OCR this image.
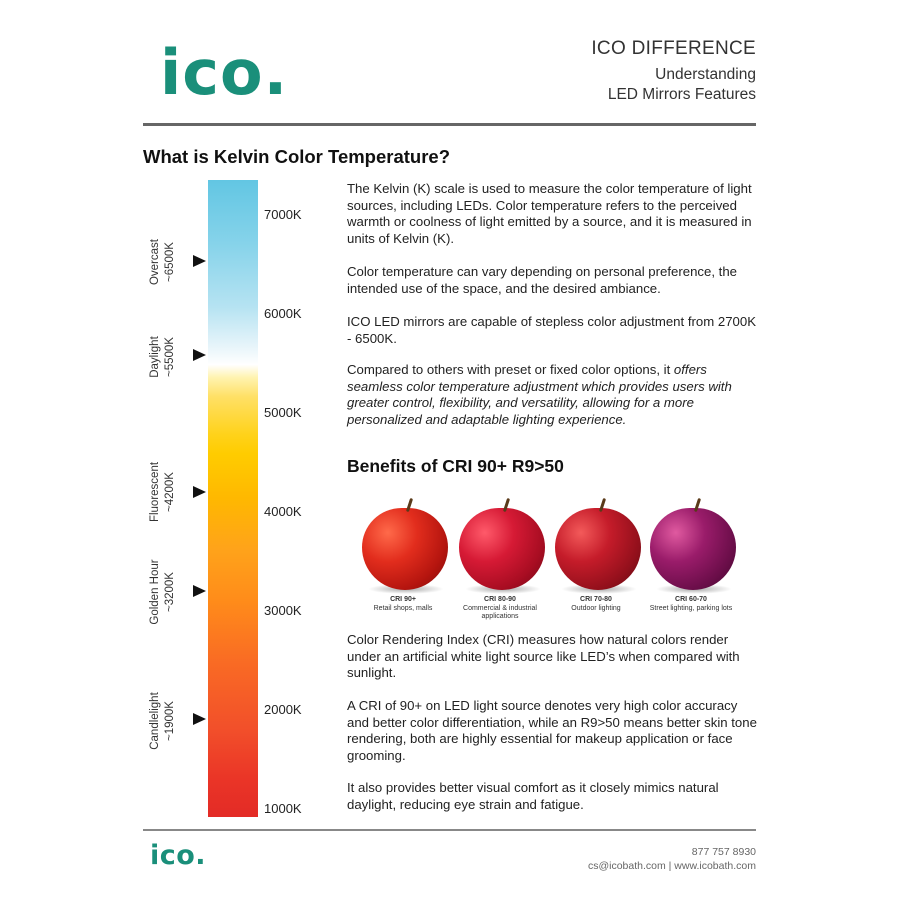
ico.	ICO DIFFERENCE
Understanding
LED Mirrors Features
What is Kelvin Color Temperature?
7000K
6000K
5000K
4000K
3000K
2000K
1000K
Overcast ~6500K
Daylight ~5500K
Fluorescent ~4200K
Golden Hour ~3200K
Candlelight ~1900K
The Kelvin (K) scale is used to measure the color temperature of light sources, including LEDs. Color temperature refers to the perceived warmth or coolness of light emitted by a source, and it is measured in units of Kelvin (K).
Color temperature can vary depending on personal preference, the intended use of the space, and the desired ambiance.
ICO LED mirrors are capable of stepless color adjustment from 2700K - 6500K.
Compared to others with preset or fixed color options, it offers seamless color temperature adjustment which provides users with greater control, flexibility, and versatility, allowing for a more personalized and adaptable lighting experience.
Benefits of CRI 90+ R9>50
CRI 90+
Retail shops, malls
CRI 80-90
Commercial & industrial applications
CRI 70-80
Outdoor lighting
CRI 60-70
Street lighting, parking lots
Color Rendering Index (CRI) measures how natural colors render under an artificial white light source like LED’s when compared with sunlight.
A CRI of 90+ on LED light source denotes very high color accuracy and better color differentiation, while an R9>50 means better skin tone rendering, both are highly essential for makeup application or face grooming.
It also provides better visual comfort as it closely mimics natural daylight, reducing eye strain and fatigue.
ico.	877 757 8930
cs@icobath.com | www.icobath.com
